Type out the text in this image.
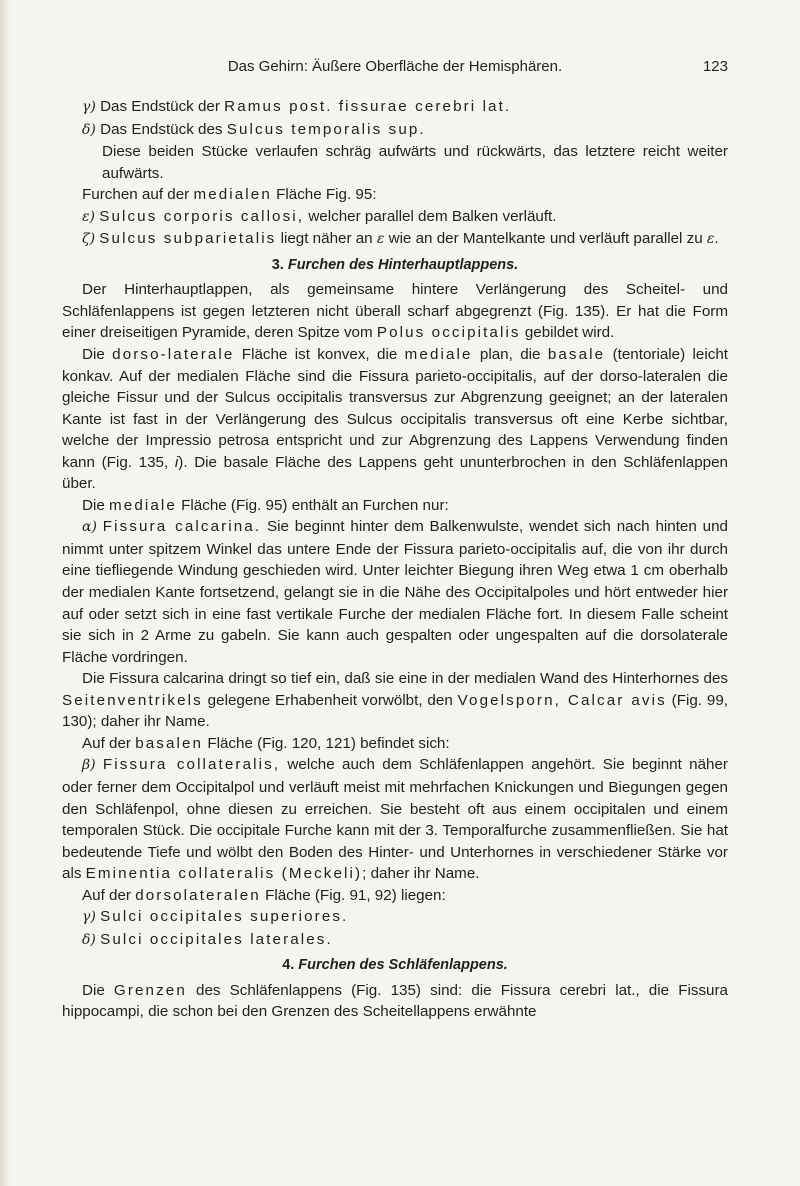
Das Gehirn: Äußere Oberfläche der Hemisphären.	123

γ) Das Endstück der Ramus post. fissurae cerebri lat.

δ) Das Endstück des Sulcus temporalis sup.

Diese beiden Stücke verlaufen schräg aufwärts und rückwärts, das letztere reicht weiter aufwärts.

Furchen auf der medialen Fläche Fig. 95:

ε) Sulcus corporis callosi, welcher parallel dem Balken verläuft.

ζ) Sulcus subparietalis liegt näher an ε wie an der Mantelkante und verläuft parallel zu ε.

3. Furchen des Hinterhauptlappens.

Der Hinterhauptlappen, als gemeinsame hintere Verlängerung des Scheitel- und Schläfenlappens ist gegen letzteren nicht überall scharf abgegrenzt (Fig. 135). Er hat die Form einer dreiseitigen Pyramide, deren Spitze vom Polus occipitalis gebildet wird.

Die dorso-laterale Fläche ist konvex, die mediale plan, die basale (tentoriale) leicht konkav. Auf der medialen Fläche sind die Fissura parieto-occipitalis, auf der dorso-lateralen die gleiche Fissur und der Sulcus occipitalis transversus zur Abgrenzung geeignet; an der lateralen Kante ist fast in der Verlängerung des Sulcus occipitalis transversus oft eine Kerbe sichtbar, welche der Impressio petrosa entspricht und zur Abgrenzung des Lappens Verwendung finden kann (Fig. 135, i). Die basale Fläche des Lappens geht ununterbrochen in den Schläfenlappen über.

Die mediale Fläche (Fig. 95) enthält an Furchen nur:

α) Fissura calcarina. Sie beginnt hinter dem Balkenwulste, wendet sich nach hinten und nimmt unter spitzem Winkel das untere Ende der Fissura parieto-occipitalis auf, die von ihr durch eine tiefliegende Windung geschieden wird. Unter leichter Biegung ihren Weg etwa 1 cm oberhalb der medialen Kante fortsetzend, gelangt sie in die Nähe des Occipitalpoles und hört entweder hier auf oder setzt sich in eine fast vertikale Furche der medialen Fläche fort. In diesem Falle scheint sie sich in 2 Arme zu gabeln. Sie kann auch gespalten oder ungespalten auf die dorsolaterale Fläche vordringen.

Die Fissura calcarina dringt so tief ein, daß sie eine in der medialen Wand des Hinterhornes des Seitenventrikels gelegene Erhabenheit vorwölbt, den Vogelsporn, Calcar avis (Fig. 99, 130); daher ihr Name.

Auf der basalen Fläche (Fig. 120, 121) befindet sich:

β) Fissura collateralis, welche auch dem Schläfenlappen angehört. Sie beginnt näher oder ferner dem Occipitalpol und verläuft meist mit mehrfachen Knickungen und Biegungen gegen den Schläfenpol, ohne diesen zu erreichen. Sie besteht oft aus einem occipitalen und einem temporalen Stück. Die occipitale Furche kann mit der 3. Temporalfurche zusammenfließen. Sie hat bedeutende Tiefe und wölbt den Boden des Hinter- und Unterhornes in verschiedener Stärke vor als Eminentia collateralis (Meckeli); daher ihr Name.

Auf der dorsolateralen Fläche (Fig. 91, 92) liegen:

γ) Sulci occipitales superiores.

δ) Sulci occipitales laterales.

4. Furchen des Schläfenlappens.

Die Grenzen des Schläfenlappens (Fig. 135) sind: die Fissura cerebri lat., die Fissura hippocampi, die schon bei den Grenzen des Scheitellappens erwähnte
